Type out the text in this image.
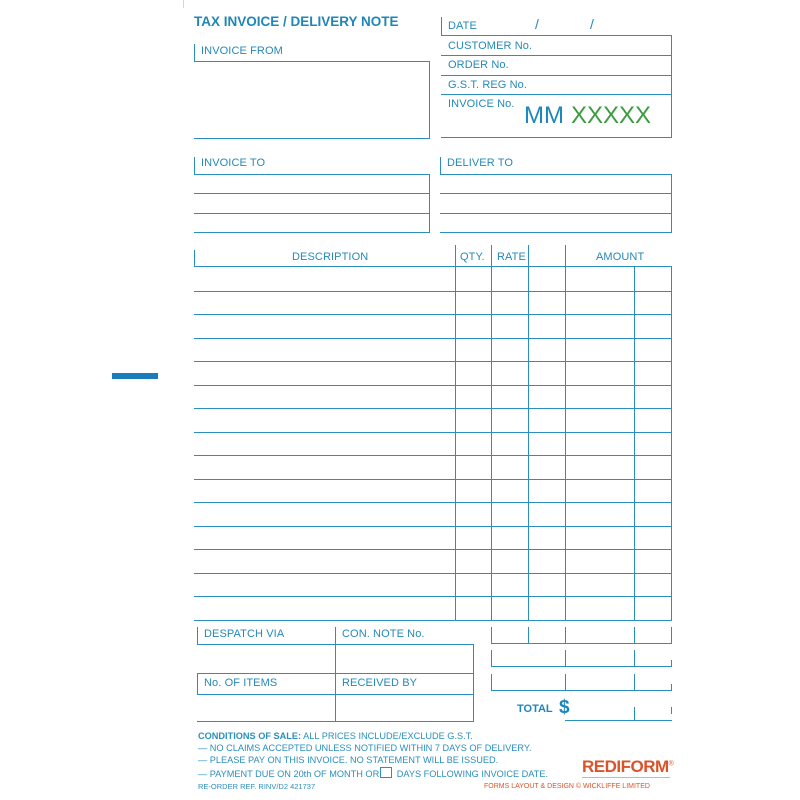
TAX INVOICE / DELIVERY NOTE
INVOICE FROM
DATE	/	/
CUSTOMER No.
ORDER No.
G.S.T. REG No.
INVOICE No. MM XXXXX
INVOICE TO	DELIVER TO
DESCRIPTION	QTY. RATE	AMOUNT
DESPATCH VIA	CON. NOTE No.
No. OF ITEMS	RECEIVED BY
TOTAL $
CONDITIONS OF SALE: ALL PRICES INCLUDE/EXCLUDE G.S.T.
— NO CLAIMS ACCEPTED UNLESS NOTIFIED WITHIN 7 DAYS OF DELIVERY.
— PLEASE PAY ON THIS INVOICE. NO STATEMENT WILL BE ISSUED.
— PAYMENT DUE ON 20th OF MONTH OR DAYS FOLLOWING INVOICE DATE.
RE-ORDER REF. RINV/D2 421737
REDIFORM®
FORMS LAYOUT & DESIGN © WICKLIFFE LIMITED
